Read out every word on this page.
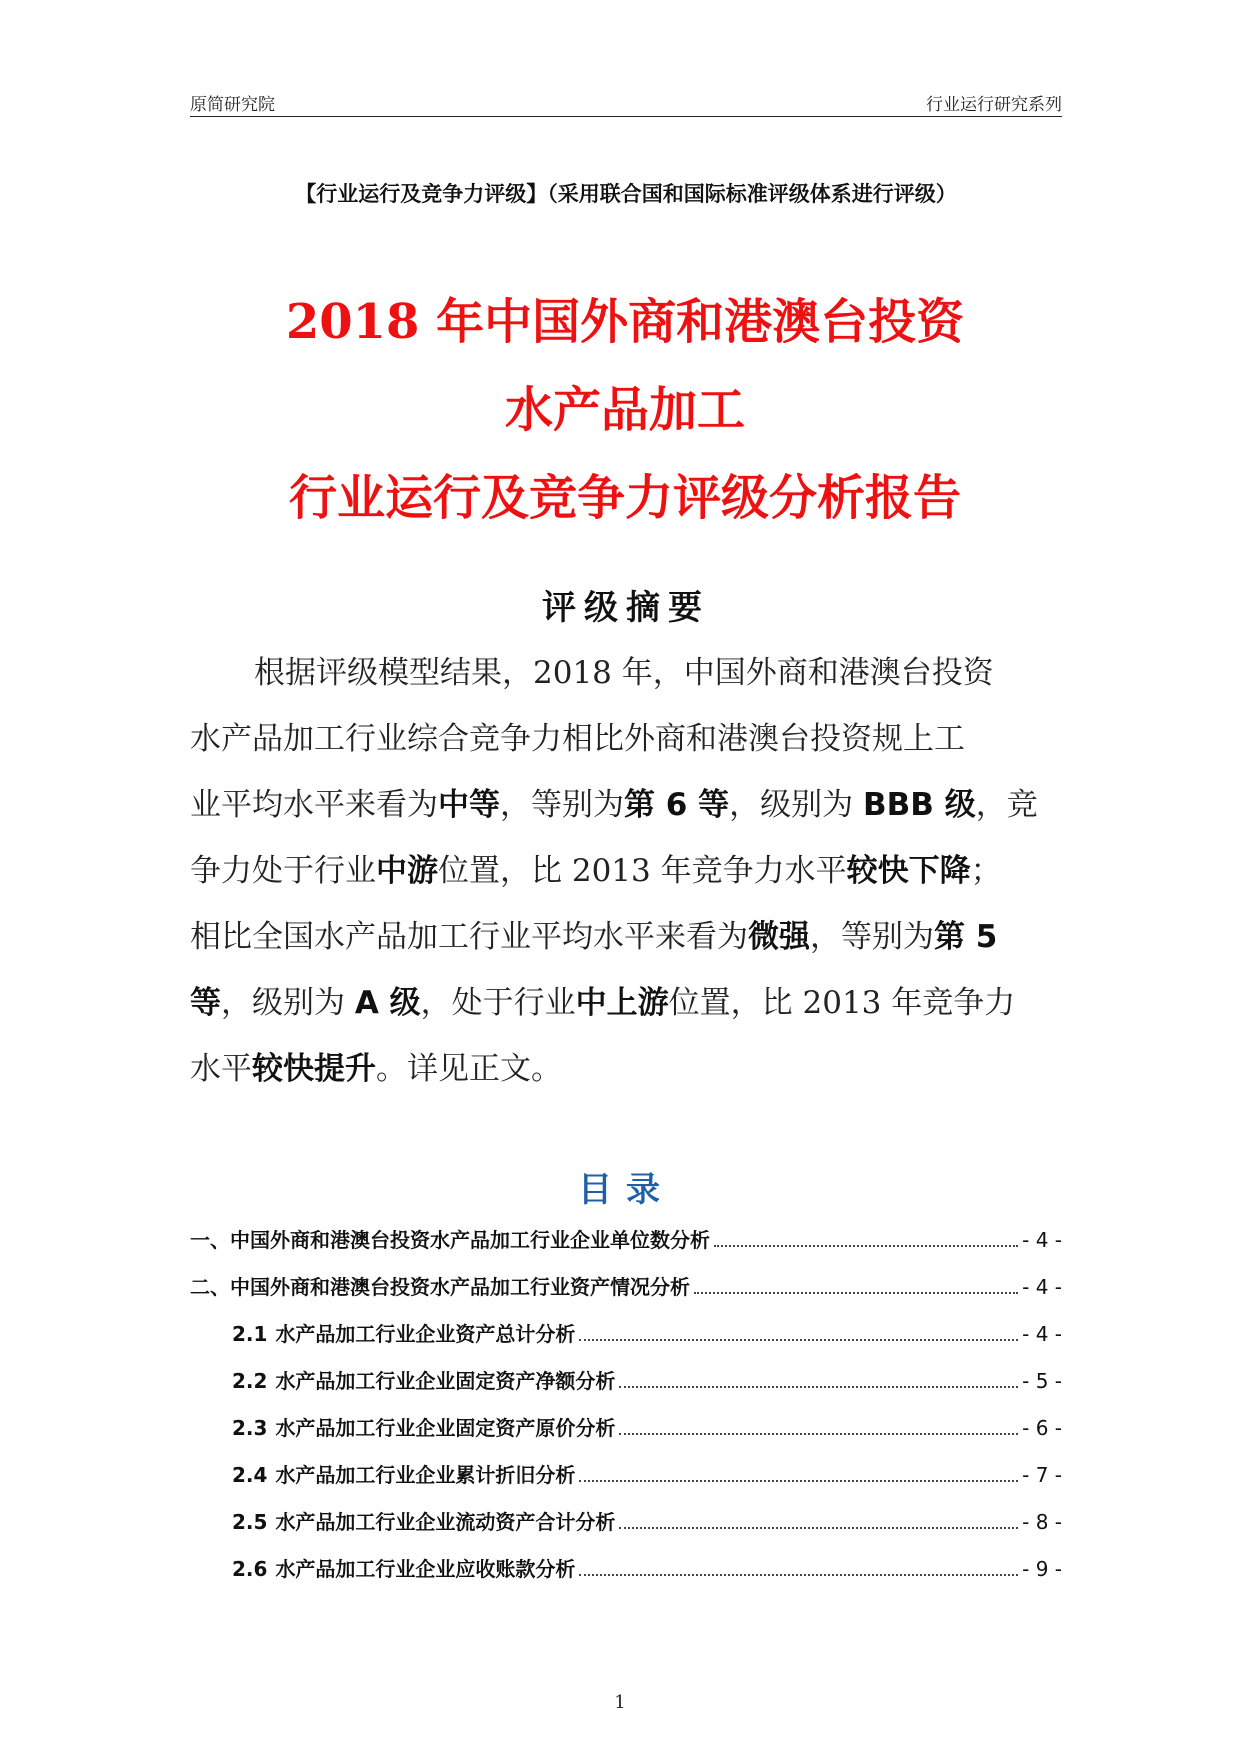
原简研究院	行业运行研究系列
【行业运行及竞争力评级】（采用联合国和国际标准评级体系进行评级）
2018 年中国外商和港澳台投资
水产品加工
行业运行及竞争力评级分析报告
评级摘要
根据评级模型结果，2018 年，中国外商和港澳台投资
水产品加工行业综合竞争力相比外商和港澳台投资规上工
业平均水平来看为中等，等别为第 6 等，级别为 BBB 级，竞
争力处于行业中游位置，比 2013 年竞争力水平较快下降；
相比全国水产品加工行业平均水平来看为微强，等别为第 5
等，级别为 A 级，处于行业中上游位置，比 2013 年竞争力
水平较快提升。详见正文。
目录
一、中国外商和港澳台投资水产品加工行业企业单位数分析	- 4 -
二、中国外商和港澳台投资水产品加工行业资产情况分析	- 4 -
2.1 水产品加工行业企业资产总计分析	- 4 -
2.2 水产品加工行业企业固定资产净额分析	- 5 -
2.3 水产品加工行业企业固定资产原价分析	- 6 -
2.4 水产品加工行业企业累计折旧分析	- 7 -
2.5 水产品加工行业企业流动资产合计分析	- 8 -
2.6 水产品加工行业企业应收账款分析	- 9 -
1
